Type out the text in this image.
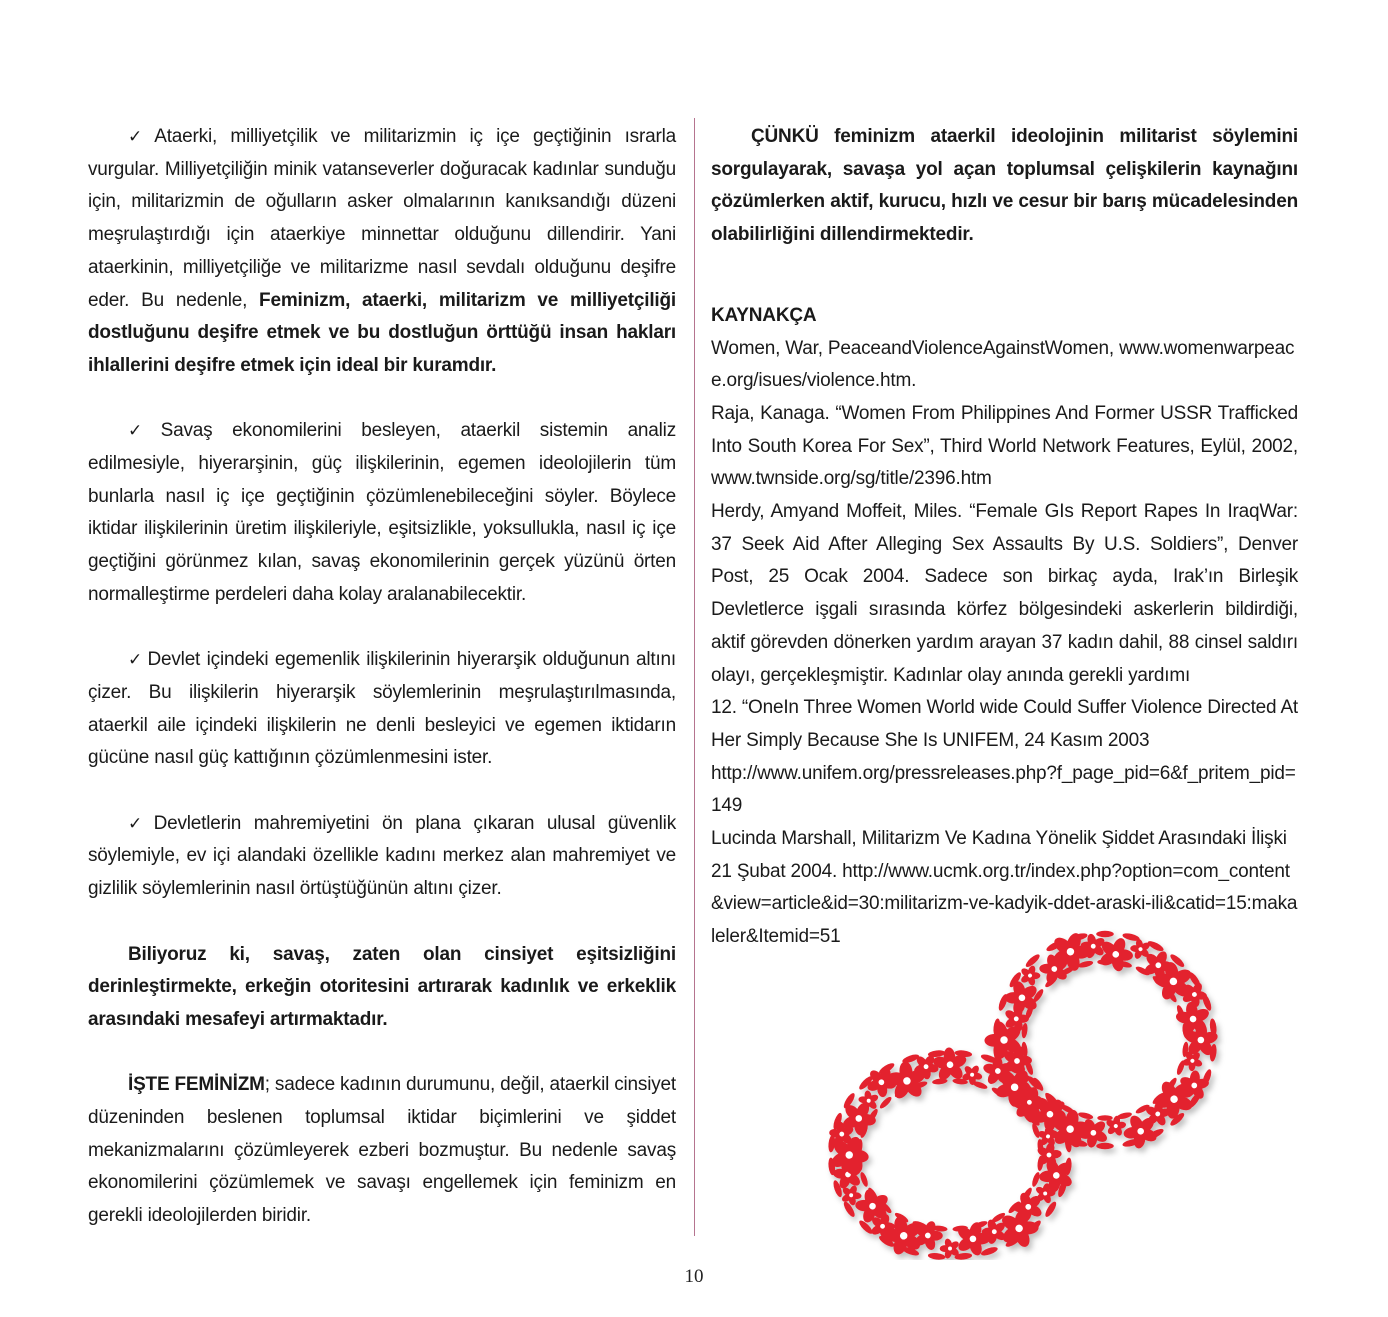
✓ Ataerki, milliyetçilik ve militarizmin iç içe geçtiğinin ısrarla vurgular. Milliyetçiliğin minik vatanseverler doğuracak kadınlar sunduğu için, militarizmin de oğulların asker olmalarının kanıksandığı düzeni meşrulaştırdığı için ataerkiye minnettar olduğunu dillendirir. Yani ataerkinin, milliyetçiliğe ve militarizme nasıl sevdalı olduğunu deşifre eder. Bu nedenle, Feminizm, ataerki, militarizm ve milliyetçiliği dostluğunu deşifre etmek ve bu dostluğun örttüğü insan hakları ihlallerini deşifre etmek için ideal bir kuramdır.

✓ Savaş ekonomilerini besleyen, ataerkil sistemin analiz edilmesiyle, hiyerarşinin, güç ilişkilerinin, egemen ideolojilerin tüm bunlarla nasıl iç içe geçtiğinin çözümlenebileceğini söyler. Böylece iktidar ilişkilerinin üretim ilişkileriyle, eşitsizlikle, yoksullukla, nasıl iç içe geçtiğini görünmez kılan, savaş ekonomilerinin gerçek yüzünü örten normalleştirme perdeleri daha kolay aralanabilecektir.

✓ Devlet içindeki egemenlik ilişkilerinin hiyerarşik olduğunun altını çizer. Bu ilişkilerin hiyerarşik söylemlerinin meşrulaştırılmasında, ataerkil aile içindeki ilişkilerin ne denli besleyici ve egemen iktidarın gücüne nasıl güç kattığının çözümlenmesini ister.

✓ Devletlerin mahremiyetini ön plana çıkaran ulusal güvenlik söylemiyle, ev içi alandaki özellikle kadını merkez alan mahremiyet ve gizlilik söylemlerinin nasıl örtüştüğünün altını çizer.

Biliyoruz ki, savaş, zaten olan cinsiyet eşitsizliğini derinleştirmekte, erkeğin otoritesini artırarak kadınlık ve erkeklik arasındaki mesafeyi artırmaktadır.

İŞTE FEMİNİZM; sadece kadının durumunu, değil, ataerkil cinsiyet düzeninden beslenen toplumsal iktidar biçimlerini ve şiddet mekanizmalarını çözümleyerek ezberi bozmuştur. Bu nedenle savaş ekonomilerini çözümlemek ve savaşı engellemek için feminizm en gerekli ideolojilerden biridir.

ÇÜNKÜ feminizm ataerkil ideolojinin militarist söylemini sorgulayarak, savaşa yol açan toplumsal çelişkilerin kaynağını çözümlerken aktif, kurucu, hızlı ve cesur bir barış mücadelesinden olabilirliğini dillendirmektedir.

KAYNAKÇA

Women, War, PeaceandViolenceAgainstWomen, www.womenwarpeace.org/isues/violence.htm.

Raja, Kanaga. “Women From Philippines And Former USSR Trafficked Into South Korea For Sex”, Third World Network Features, Eylül, 2002, www.twnside.org/sg/title/2396.htm

Herdy, Amyand Moffeit, Miles. “Female GIs Report Rapes In IraqWar: 37 Seek Aid After Alleging Sex Assaults By U.S. Soldiers”, Denver Post, 25 Ocak 2004. Sadece son birkaç ayda, Irak’ın Birleşik Devletlerce işgali sırasında körfez bölgesindeki askerlerin bildirdiği, aktif görevden dönerken yardım arayan 37 kadın dahil, 88 cinsel saldırı olayı, gerçekleşmiştir. Kadınlar olay anında gerekli yardımı

12. “OneIn Three Women World wide Could Suffer Violence Directed At Her Simply Because She Is UNIFEM, 24 Kasım 2003

http://www.unifem.org/pressreleases.php?f_page_pid=6&f_pritem_pid=149

Lucinda Marshall, Militarizm Ve Kadına Yönelik Şiddet Arasındaki İlişki 21 Şubat 2004. http://www.ucmk.org.tr/index.php?option=com_content&view=article&id=30:militarizm-ve-kadyik-ddet-araski-ili&catid=15:makaleler&Itemid=51

10
